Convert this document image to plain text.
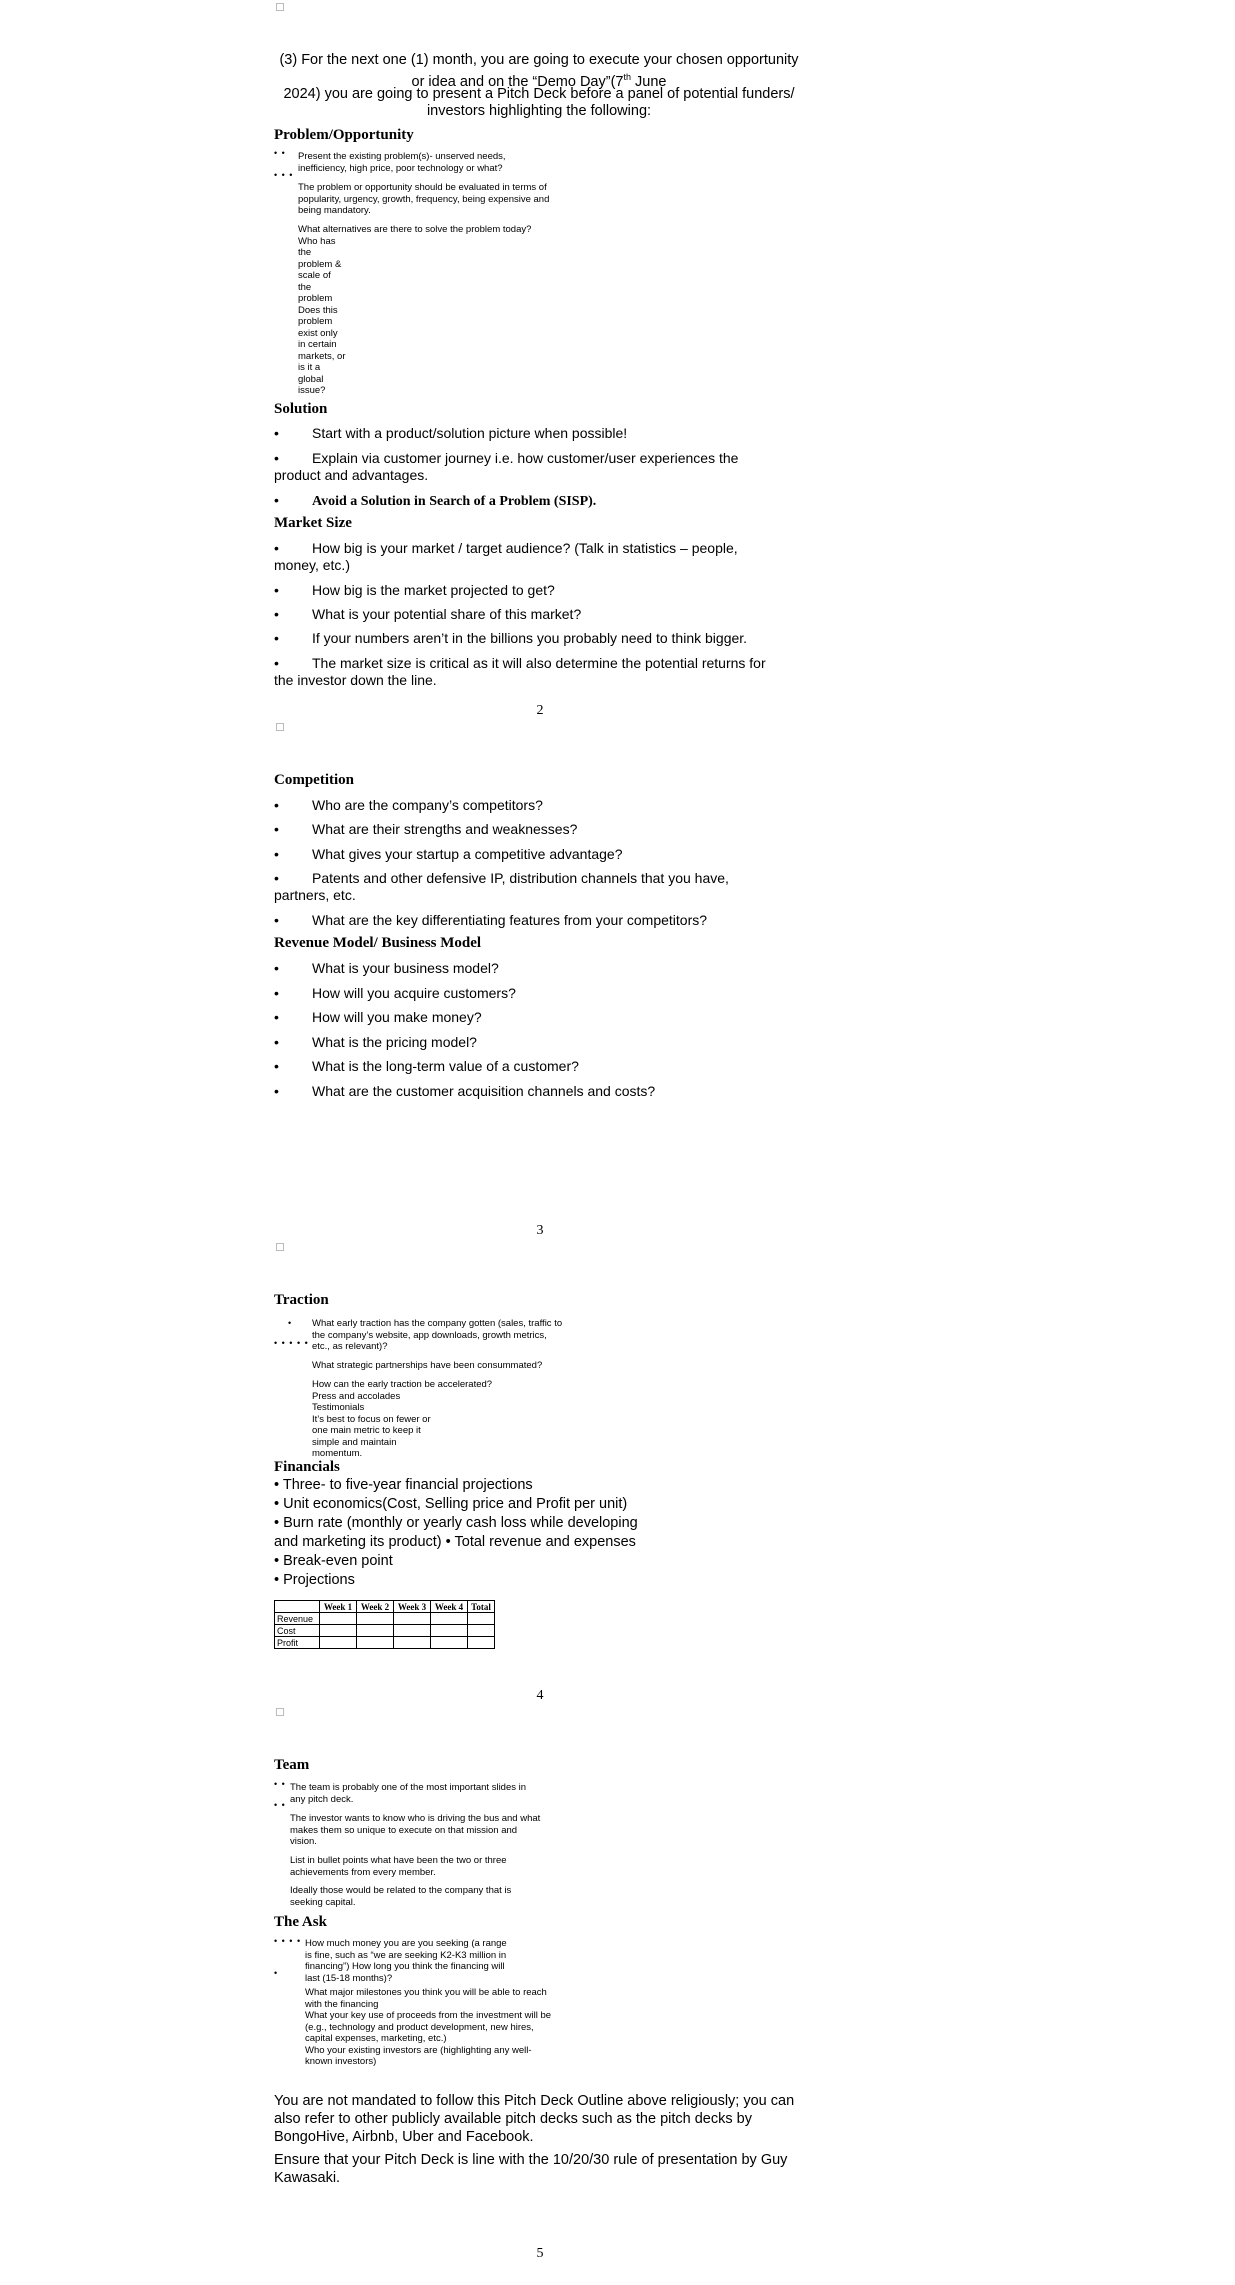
(3) For the next one (1) month, you are going to execute your chosen opportunity
or idea and on the “Demo Day”(7th June
2024) you are going to present a Pitch Deck before a panel of potential funders/
investors highlighting the following:
Problem/Opportunity
• •
• • •
Present the existing problem(s)- unserved needs,
inefficiency, high price, poor technology or what?
The problem or opportunity should be evaluated in terms of
popularity, urgency, growth, frequency, being expensive and
being mandatory.
What alternatives are there to solve the problem today?
Who has
the
problem &
scale of
the
problem
Does this
problem
exist only
in certain
markets, or
is it a
global
issue?
Solution
• Start with a product/solution picture when possible!
• Explain via customer journey i.e. how customer/user experiences the
product and advantages.
• Avoid a Solution in Search of a Problem (SISP).
Market Size
• How big is your market / target audience? (Talk in statistics – people,
money, etc.)
• How big is the market projected to get?
• What is your potential share of this market?
• If your numbers aren’t in the billions you probably need to think bigger.
• The market size is critical as it will also determine the potential returns for
the investor down the line.
2
Competition
• Who are the company’s competitors?
• What are their strengths and weaknesses?
• What gives your startup a competitive advantage?
• Patents and other defensive IP, distribution channels that you have,
partners, etc.
• What are the key differentiating features from your competitors?
Revenue Model/ Business Model
• What is your business model?
• How will you acquire customers?
• How will you make money?
• What is the pricing model?
• What is the long-term value of a customer?
• What are the customer acquisition channels and costs?
3
Traction
•
• • • • •
What early traction has the company gotten (sales, traffic to
the company’s website, app downloads, growth metrics,
etc., as relevant)?
What strategic partnerships have been consummated?
How can the early traction be accelerated?
Press and accolades
Testimonials
It’s best to focus on fewer or
one main metric to keep it
simple and maintain
momentum.
Financials
• Three- to five-year financial projections
• Unit economics(Cost, Selling price and Profit per unit)
• Burn rate (monthly or yearly cash loss while developing
and marketing its product) • Total revenue and expenses
• Break-even point
• Projections
	Week 1	Week 2	Week 3	Week 4	Total
Revenue					
Cost					
Profit					
4
Team
• •
• •
The team is probably one of the most important slides in
any pitch deck.
The investor wants to know who is driving the bus and what
makes them so unique to execute on that mission and
vision.
List in bullet points what have been the two or three
achievements from every member.
Ideally those would be related to the company that is
seeking capital.
The Ask
• • • •
•
How much money you are you seeking (a range
is fine, such as “we are seeking K2-K3 million in
financing”) How long you think the financing will
last (15-18 months)?
What major milestones you think you will be able to reach
with the financing
What your key use of proceeds from the investment will be
(e.g., technology and product development, new hires,
capital expenses, marketing, etc.)
Who your existing investors are (highlighting any well-
known investors)
You are not mandated to follow this Pitch Deck Outline above religiously; you can
also refer to other publicly available pitch decks such as the pitch decks by
BongoHive, Airbnb, Uber and Facebook.
Ensure that your Pitch Deck is line with the 10/20/30 rule of presentation by Guy
Kawasaki.
5
